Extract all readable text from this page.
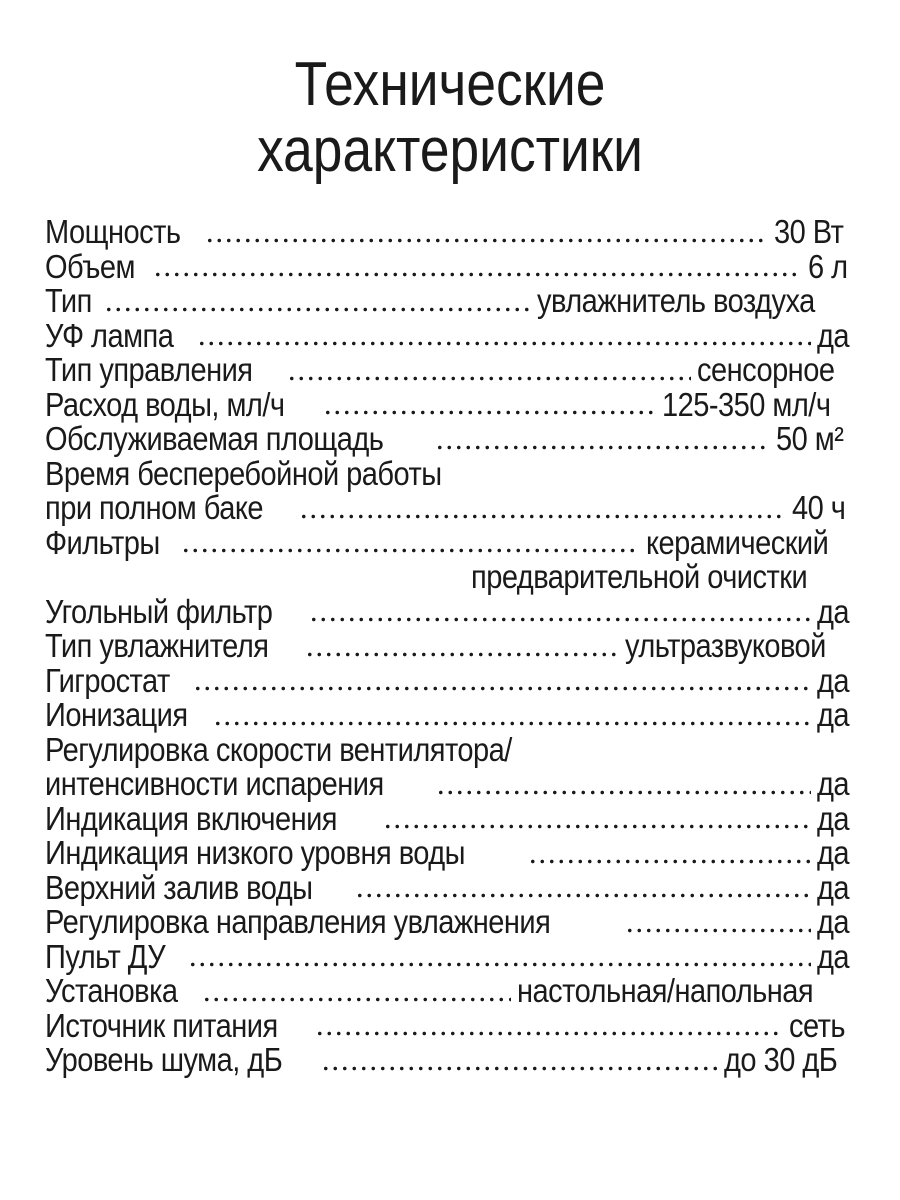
Технические
характеристики
Мощность	30 Вт
Объем	6 л
Тип	увлажнитель воздуха
УФ лампа	да
Тип управления	сенсорное
Расход воды, мл/ч	125-350 мл/ч
Обслуживаемая площадь	50 м²
Время бесперебойной работы
при полном баке	40 ч
Фильтры	керамический
предварительной очистки
Угольный фильтр	да
Тип увлажнителя	ультразвуковой
Гигростат	да
Ионизация	да
Регулировка скорости вентилятора/
интенсивности испарения	да
Индикация включения	да
Индикация низкого уровня воды	да
Верхний залив воды	да
Регулировка направления увлажнения	да
Пульт ДУ	да
Установка	настольная/напольная
Источник питания	сеть
Уровень шума, дБ	до 30 дБ
